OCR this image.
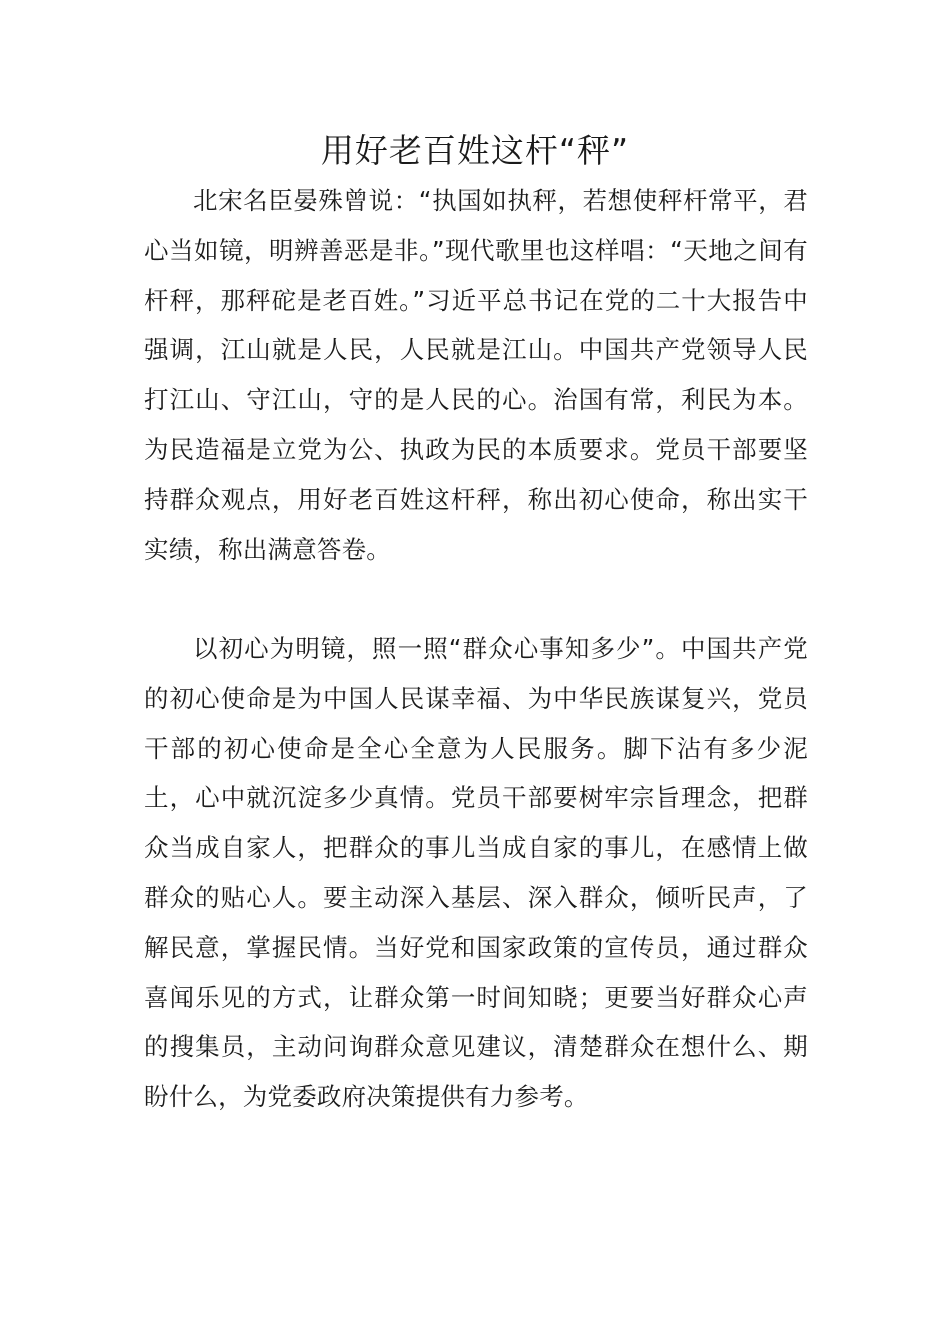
用好老百姓这杆“秤”

北宋名臣晏殊曾说：“执国如执秤，若想使秤杆常平，君心当如镜，明辨善恶是非。”现代歌里也这样唱：“天地之间有杆秤，那秤砣是老百姓。”习近平总书记在党的二十大报告中强调，江山就是人民，人民就是江山。中国共产党领导人民打江山、守江山，守的是人民的心。治国有常，利民为本。为民造福是立党为公、执政为民的本质要求。党员干部要坚持群众观点，用好老百姓这杆秤，称出初心使命，称出实干实绩，称出满意答卷。

以初心为明镜，照一照“群众心事知多少”。中国共产党的初心使命是为中国人民谋幸福、为中华民族谋复兴，党员干部的初心使命是全心全意为人民服务。脚下沾有多少泥土，心中就沉淀多少真情。党员干部要树牢宗旨理念，把群众当成自家人，把群众的事儿当成自家的事儿，在感情上做群众的贴心人。要主动深入基层、深入群众，倾听民声，了解民意，掌握民情。当好党和国家政策的宣传员，通过群众喜闻乐见的方式，让群众第一时间知晓；更要当好群众心声的搜集员，主动问询群众意见建议，清楚群众在想什么、期盼什么，为党委政府决策提供有力参考。
